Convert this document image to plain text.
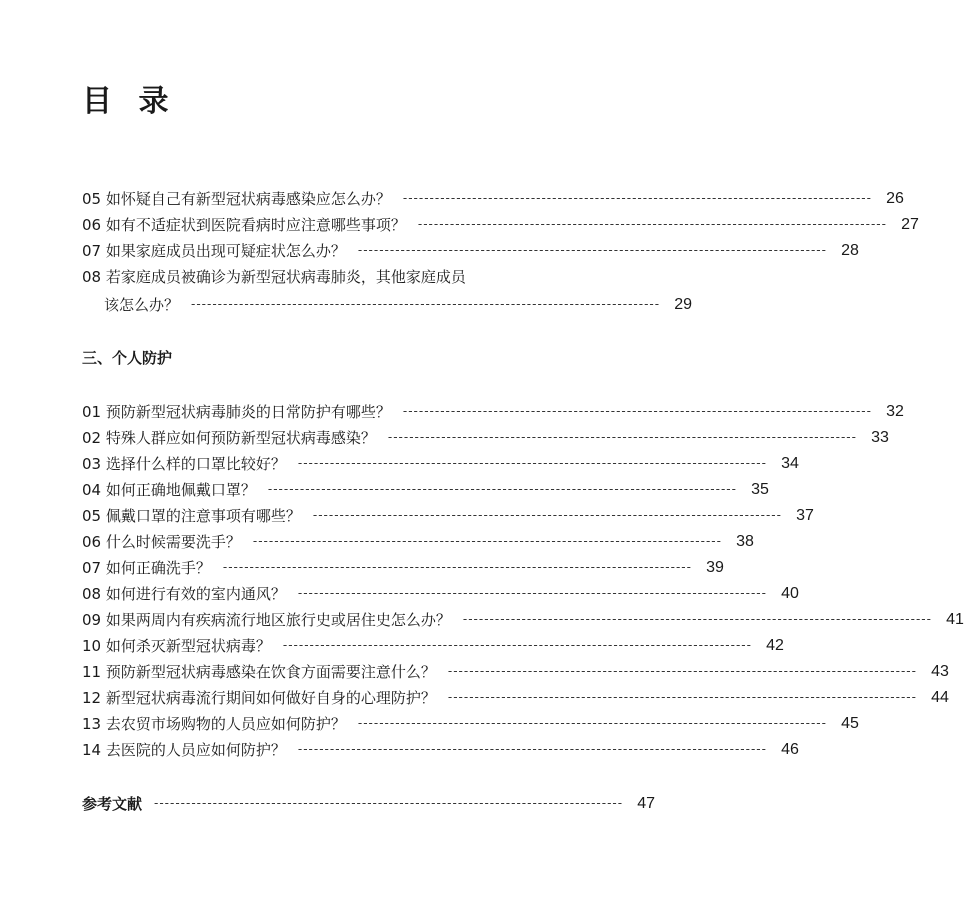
目 录
05
如怀疑自己有新型冠状病毒感染应怎么办？ ---------------------------------------------------------------------------------------- 26
06
如有不适症状到医院看病时应注意哪些事项？ ---------------------------------------------------------------------------------------- 27
07
如果家庭成员出现可疑症状怎么办？ ---------------------------------------------------------------------------------------- 28
08
若家庭成员被确诊为新型冠状病毒肺炎，其他家庭成员
该怎么办？ ---------------------------------------------------------------------------------------- 29
三、个人防护
01
预防新型冠状病毒肺炎的日常防护有哪些？ ---------------------------------------------------------------------------------------- 32
02
特殊人群应如何预防新型冠状病毒感染？ ---------------------------------------------------------------------------------------- 33
03
选择什么样的口罩比较好？ ---------------------------------------------------------------------------------------- 34
04
如何正确地佩戴口罩？ ---------------------------------------------------------------------------------------- 35
05
佩戴口罩的注意事项有哪些？ ---------------------------------------------------------------------------------------- 37
06
什么时候需要洗手？ ---------------------------------------------------------------------------------------- 38
07
如何正确洗手？ ---------------------------------------------------------------------------------------- 39
08
如何进行有效的室内通风？ ---------------------------------------------------------------------------------------- 40
09
如果两周内有疾病流行地区旅行史或居住史怎么办？ ---------------------------------------------------------------------------------------- 41
10
如何杀灭新型冠状病毒？ ---------------------------------------------------------------------------------------- 42
11
预防新型冠状病毒感染在饮食方面需要注意什么？ ---------------------------------------------------------------------------------------- 43
12
新型冠状病毒流行期间如何做好自身的心理防护？ ---------------------------------------------------------------------------------------- 44
13
去农贸市场购物的人员应如何防护？ ---------------------------------------------------------------------------------------- 45
14
去医院的人员应如何防护？ ---------------------------------------------------------------------------------------- 46
参考文献 ---------------------------------------------------------------------------------------- 47
